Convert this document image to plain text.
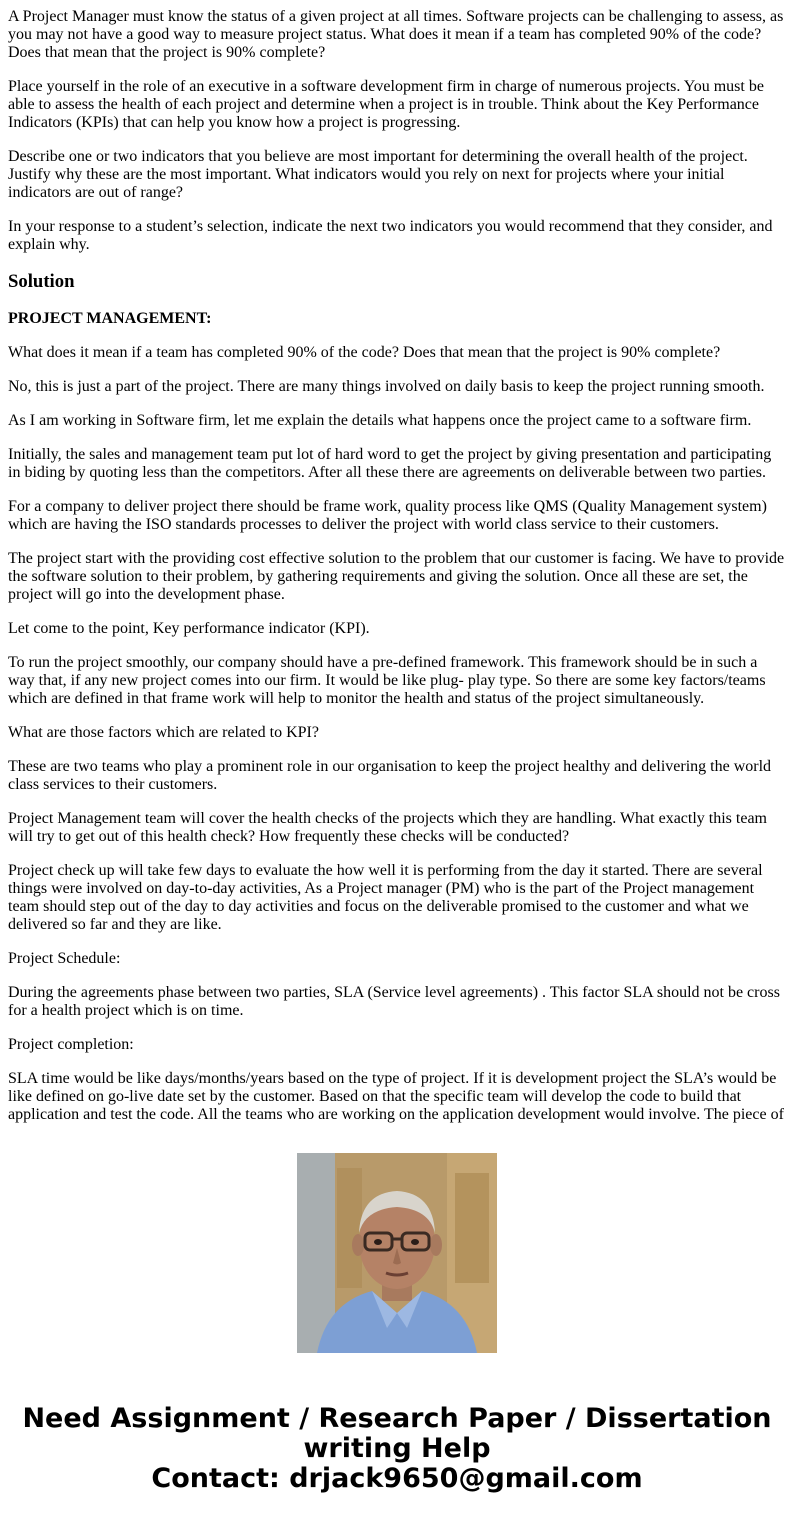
A Project Manager must know the status of a given project at all times. Software projects can be challenging to assess, as you may not have a good way to measure project status. What does it mean if a team has completed 90% of the code? Does that mean that the project is 90% complete?

Place yourself in the role of an executive in a software development firm in charge of numerous projects. You must be able to assess the health of each project and determine when a project is in trouble. Think about the Key Performance Indicators (KPIs) that can help you know how a project is progressing.

Describe one or two indicators that you believe are most important for determining the overall health of the project. Justify why these are the most important. What indicators would you rely on next for projects where your initial indicators are out of range?

In your response to a student’s selection, indicate the next two indicators you would recommend that they consider, and explain why.

Solution

PROJECT MANAGEMENT:

What does it mean if a team has completed 90% of the code? Does that mean that the project is 90% complete?

No, this is just a part of the project. There are many things involved on daily basis to keep the project running smooth.

As I am working in Software firm, let me explain the details what happens once the project came to a software firm.

Initially, the sales and management team put lot of hard word to get the project by giving presentation and participating in biding by quoting less than the competitors. After all these there are agreements on deliverable between two parties.

For a company to deliver project there should be frame work, quality process like QMS (Quality Management system) which are having the ISO standards processes to deliver the project with world class service to their customers.

The project start with the providing cost effective solution to the problem that our customer is facing. We have to provide the software solution to their problem, by gathering requirements and giving the solution. Once all these are set, the project will go into the development phase.

Let come to the point, Key performance indicator (KPI).

To run the project smoothly, our company should have a pre-defined framework. This framework should be in such a way that, if any new project comes into our firm. It would be like plug- play type. So there are some key factors/teams which are defined in that frame work will help to monitor the health and status of the project simultaneously.

What are those factors which are related to KPI?

These are two teams who play a prominent role in our organisation to keep the project healthy and delivering the world class services to their customers.

Project Management team will cover the health checks of the projects which they are handling. What exactly this team will try to get out of this health check? How frequently these checks will be conducted?

Project check up will take few days to evaluate the how well it is performing from the day it started. There are several things were involved on day-to-day activities, As a Project manager (PM) who is the part of the Project management team should step out of the day to day activities and focus on the deliverable promised to the customer and what we delivered so far and they are like.

Project Schedule:

During the agreements phase between two parties, SLA (Service level agreements) . This factor SLA should not be cross for a health project which is on time.

Project completion:

SLA time would be like days/months/years based on the type of project. If it is development project the SLA’s would be like defined on go-live date set by the customer. Based on that the specific team will develop the code to build that application and test the code. All the teams who are working on the application development would involve. The piece of

Need Assignment / Research Paper / Dissertation
writing Help
Contact: drjack9650@gmail.com
